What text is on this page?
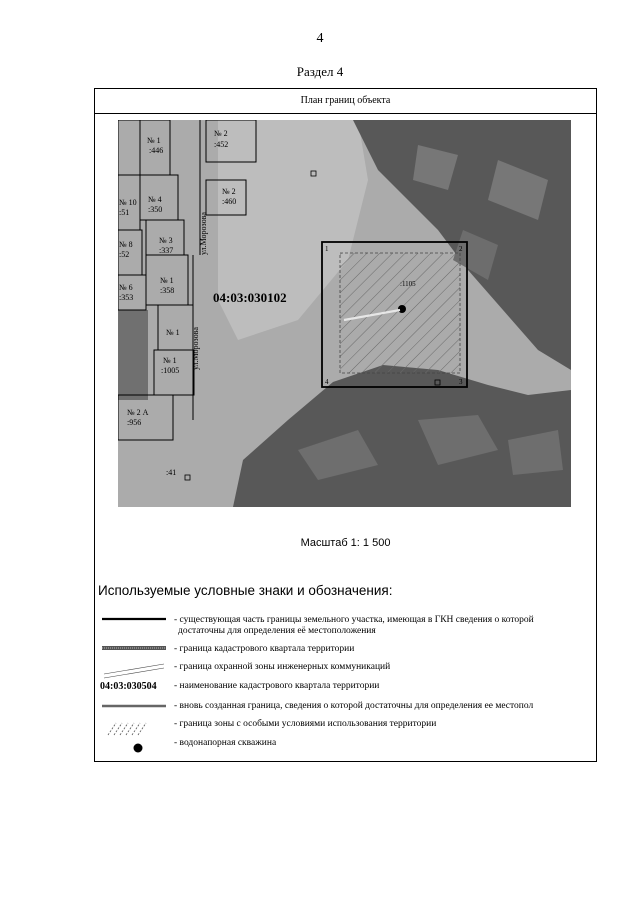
4
Раздел 4
План границ объекта
№ 1
:446
№ 2
:452
№ 4
:350
№ 2
:460
№ 3
:337
№ 1
:358
№ 1
№ 1
:1005
№ 2 А
:956
№ 10
:51
№ 8
:52
№ 6
:353
:41
ул.Морозова
ул.Морозова
04:03:030102
:1105
1	2
3
4
Масштаб 1: 1 500
Используемые условные знаки и обозначения:
- существующая часть границы земельного участка, имеющая в ГКН сведения о которой
достаточны для определения её местоположения
- граница кадастрового квартала территории
- граница охранной зоны инженерных коммуникаций
04:03:030504	- наименование кадастрового квартала территории
- вновь созданная граница, сведения о которой достаточны для определения ее местопол
- граница зоны с особыми условиями использования территории
- водонапорная скважина
